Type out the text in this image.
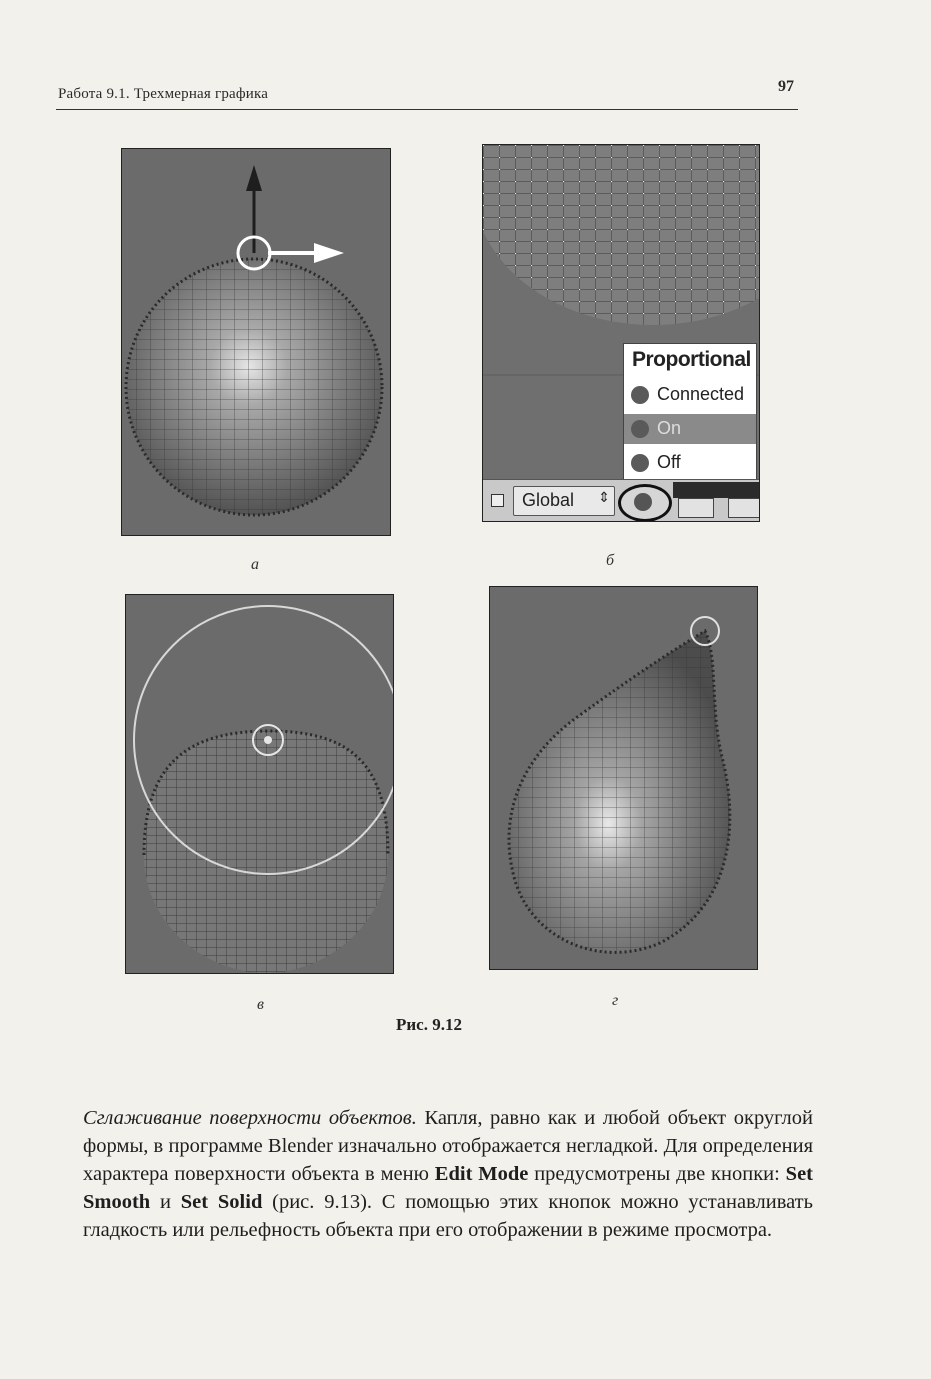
Работа 9.1. Трехмерная графика	97
а
Proportional
Connected
On
Off
Global ⇕
б
в	г
Рис. 9.12

Сглаживание поверхности объектов. Капля, равно как и любой объект округлой формы, в программе Blender изначально отображается негладкой. Для определения характера поверхности объекта в меню Edit Mode предусмотрены две кнопки: Set Smooth и Set Solid (рис. 9.13). С помощью этих кнопок можно устанавливать гладкость или рельефность объекта при его отображении в режиме просмотра.
